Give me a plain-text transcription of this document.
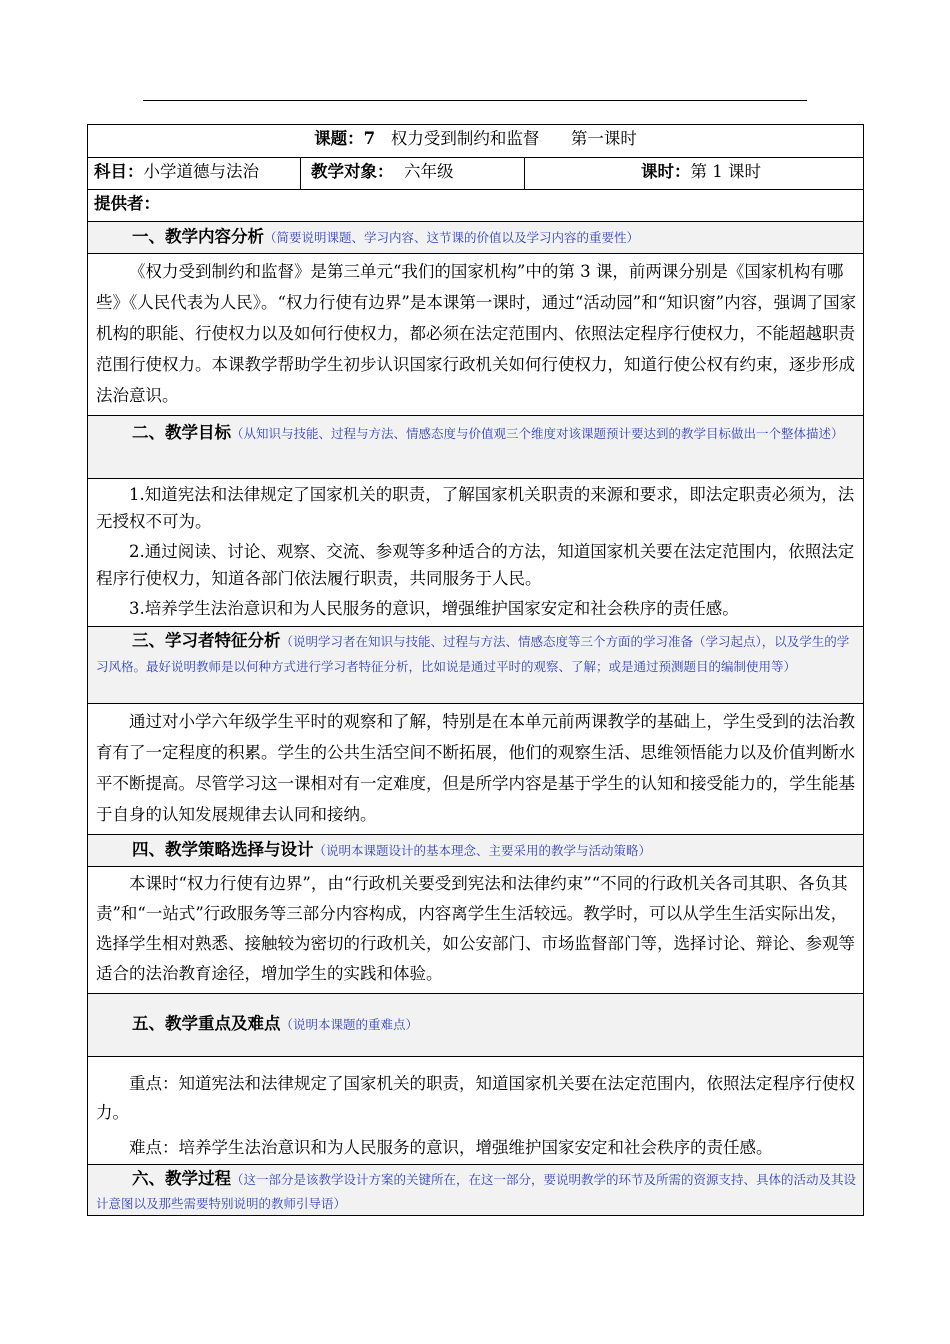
课题：7 权力受到制约和监督 第一课时
科目：小学道德与法治	教学对象： 六年级	课时：第 1 课时
提供者：
一、教学内容分析（简要说明课题、学习内容、这节课的价值以及学习内容的重要性）

《权力受到制约和监督》是第三单元“我们的国家机构”中的第 3 课，前两课分别是《国家机构有哪些》《人民代表为人民》。“权力行使有边界”是本课第一课时，通过“活动园”和“知识窗”内容，强调了国家机构的职能、行使权力以及如何行使权力，都必须在法定范围内、依照法定程序行使权力，不能超越职责范围行使权力。本课教学帮助学生初步认识国家行政机关如何行使权力，知道行使公权有约束，逐步形成法治意识。

二、教学目标（从知识与技能、过程与方法、情感态度与价值观三个维度对该课题预计要达到的教学目标做出一个整体描述）

1.知道宪法和法律规定了国家机关的职责，了解国家机关职责的来源和要求，即法定职责必须为，法无授权不可为。

2.通过阅读、讨论、观察、交流、参观等多种适合的方法，知道国家机关要在法定范围内，依照法定程序行使权力，知道各部门依法履行职责，共同服务于人民。

3.培养学生法治意识和为人民服务的意识，增强维护国家安定和社会秩序的责任感。

三、学习者特征分析（说明学习者在知识与技能、过程与方法、情感态度等三个方面的学习准备（学习起点），以及学生的学习风格。最好说明教师是以何种方式进行学习者特征分析，比如说是通过平时的观察、了解；或是通过预测题目的编制使用等）

通过对小学六年级学生平时的观察和了解，特别是在本单元前两课教学的基础上，学生受到的法治教育有了一定程度的积累。学生的公共生活空间不断拓展，他们的观察生活、思维领悟能力以及价值判断水平不断提高。尽管学习这一课相对有一定难度，但是所学内容是基于学生的认知和接受能力的，学生能基于自身的认知发展规律去认同和接纳。

四、教学策略选择与设计（说明本课题设计的基本理念、主要采用的教学与活动策略）

本课时“权力行使有边界”，由“行政机关要受到宪法和法律约束”“不同的行政机关各司其职、各负其责”和“一站式”行政服务等三部分内容构成，内容离学生生活较远。教学时，可以从学生生活实际出发，选择学生相对熟悉、接触较为密切的行政机关，如公安部门、市场监督部门等，选择讨论、辩论、参观等适合的法治教育途径，增加学生的实践和体验。

五、教学重点及难点（说明本课题的重难点）

重点：知道宪法和法律规定了国家机关的职责，知道国家机关要在法定范围内，依照法定程序行使权力。

难点：培养学生法治意识和为人民服务的意识，增强维护国家安定和社会秩序的责任感。

六、教学过程（这一部分是该教学设计方案的关键所在，在这一部分，要说明教学的环节及所需的资源支持、具体的活动及其设计意图以及那些需要特别说明的教师引导语）
